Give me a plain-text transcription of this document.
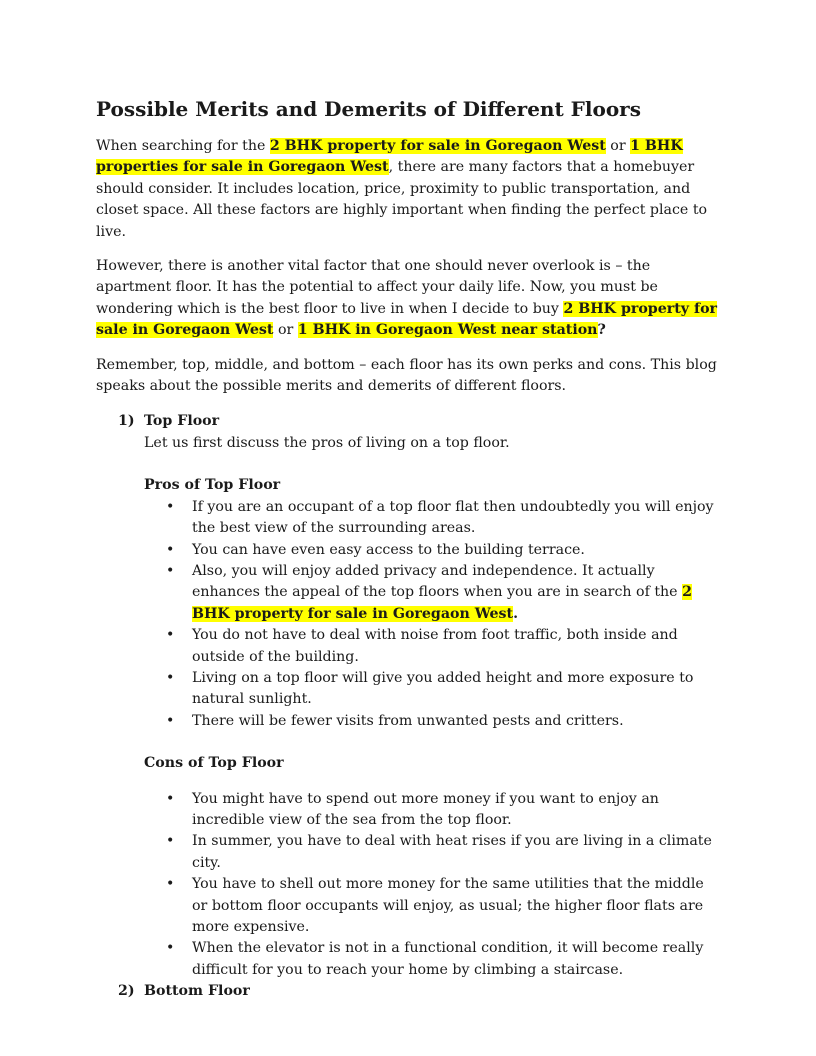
Possible Merits and Demerits of Different Floors

When searching for the 2 BHK property for sale in Goregaon West or 1 BHK properties for sale in Goregaon West, there are many factors that a homebuyer should consider. It includes location, price, proximity to public transportation, and closet space. All these factors are highly important when finding the perfect place to live.

However, there is another vital factor that one should never overlook is – the apartment floor. It has the potential to affect your daily life. Now, you must be wondering which is the best floor to live in when I decide to buy 2 BHK property for sale in Goregaon West or 1 BHK in Goregaon West near station?

Remember, top, middle, and bottom – each floor has its own perks and cons. This blog speaks about the possible merits and demerits of different floors.

1) Top Floor
Let us first discuss the pros of living on a top floor.
Pros of Top Floor
• If you are an occupant of a top floor flat then undoubtedly you will enjoy the best view of the surrounding areas.
• You can have even easy access to the building terrace.
• Also, you will enjoy added privacy and independence. It actually enhances the appeal of the top floors when you are in search of the 2 BHK property for sale in Goregaon West.
• You do not have to deal with noise from foot traffic, both inside and outside of the building.
• Living on a top floor will give you added height and more exposure to natural sunlight.
• There will be fewer visits from unwanted pests and critters.
Cons of Top Floor
• You might have to spend out more money if you want to enjoy an incredible view of the sea from the top floor.
• In summer, you have to deal with heat rises if you are living in a climate city.
• You have to shell out more money for the same utilities that the middle or bottom floor occupants will enjoy, as usual; the higher floor flats are more expensive.
• When the elevator is not in a functional condition, it will become really difficult for you to reach your home by climbing a staircase.
2) Bottom Floor
